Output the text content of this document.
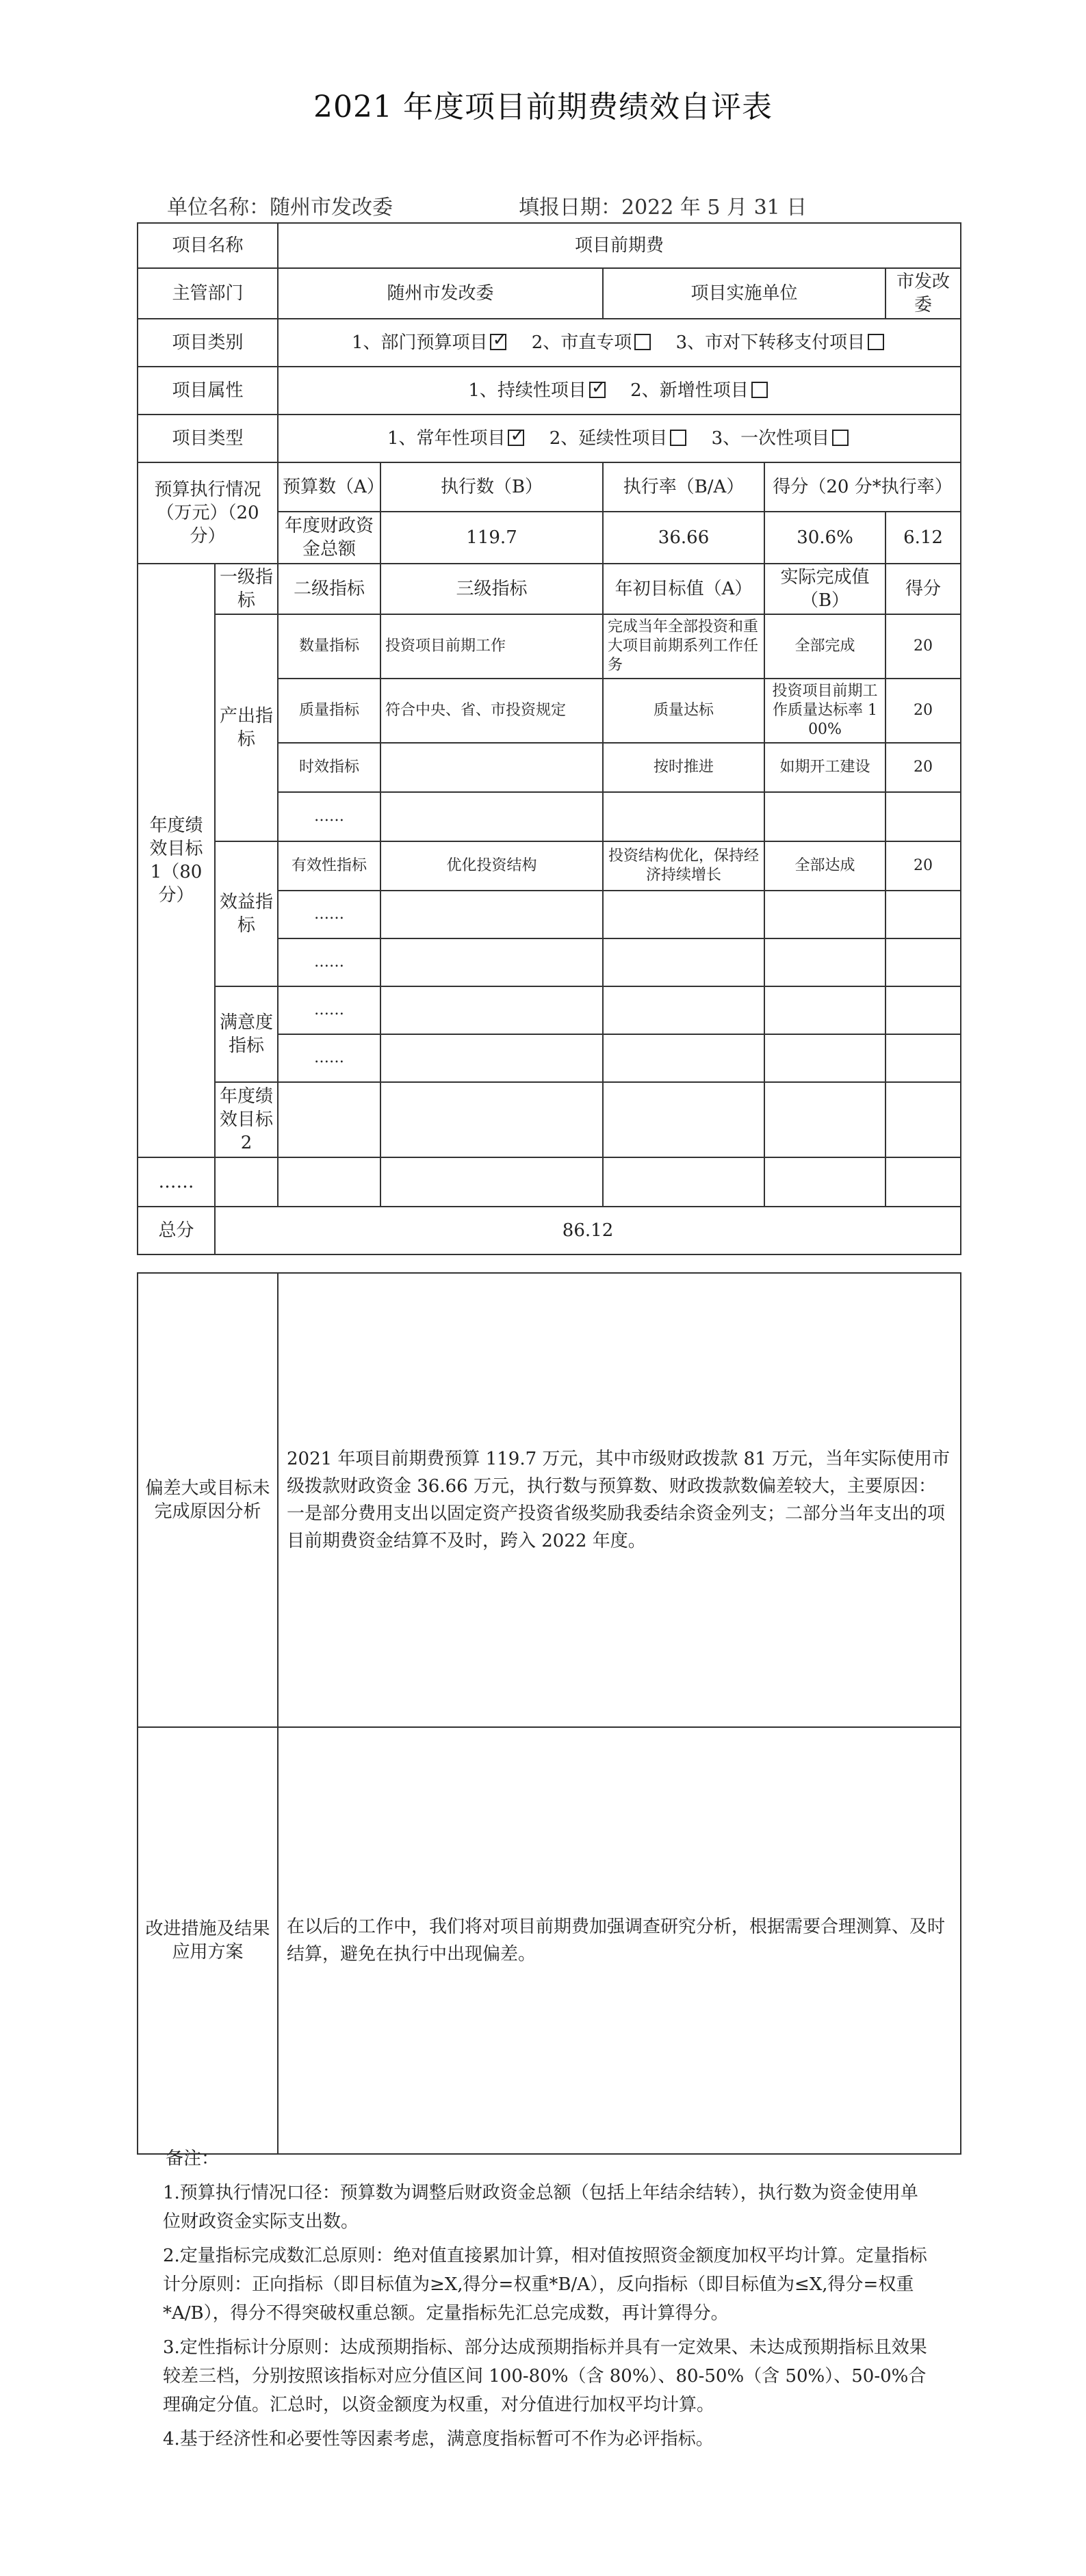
2021 年度项目前期费绩效自评表
单位名称：随州市发改委	填报日期：2022 年 5 月 31 日
项目名称		项目前期费					
主管部门		随州市发改委		项目实施单位		市发改委	
项目类别		1、部门预算项目 ✓ 2、市直专项 3、市对下转移支付项目
项目属性		1、持续性项目 ✓ 2、新增性项目
项目类型		1、常年性项目 ✓ 2、延续性项目 3、一次性项目
预算执行情况（万元）（20 分）		预算数（A）	执行数（B）	执行率（B/A）	得分（20 分*执行率）		
		年度财政资金总额	119.7	36.66	30.6%	6.12	
年度绩效目标 1（80 分）	一级指标	二级指标	三级指标	年初目标值（A）	实际完成值（B）	得分	
	产出指标	数量指标	投资项目前期工作	完成当年全部投资和重大项目前期系列工作任务	全部完成	20	
		质量指标	符合中央、省、市投资规定	质量达标	投资项目前期工作质量达标率 100%	20	
		时效指标		按时推进	如期开工建设	20	
		……					
	效益指标	有效性指标	优化投资结构	投资结构优化，保持经济持续增长	全部达成	20	
		……					
		……					
	满意度指标	……					
		……					
	年度绩效目标 2						
……							
总分	86.12						
偏差大或目标未完成原因分析	2021 年项目前期费预算 119.7 万元，其中市级财政拨款 81 万元，当年实际使用市级拨款财政资金 36.66 万元，执行数与预算数、财政拨款数偏差较大，主要原因：一是部分费用支出以固定资产投资省级奖励我委结余资金列支；二部分当年支出的项目前期费资金结算不及时，跨入 2022 年度。
改进措施及结果应用方案	在以后的工作中，我们将对项目前期费加强调查研究分析，根据需要合理测算、及时结算，避免在执行中出现偏差。

备注：

1.预算执行情况口径：预算数为调整后财政资金总额（包括上年结余结转），执行数为资金使用单位财政资金实际支出数。

2.定量指标完成数汇总原则：绝对值直接累加计算，相对值按照资金额度加权平均计算。定量指标计分原则：正向指标（即目标值为≥X,得分=权重*B/A），反向指标（即目标值为≤X,得分=权重*A/B），得分不得突破权重总额。定量指标先汇总完成数，再计算得分。

3.定性指标计分原则：达成预期指标、部分达成预期指标并具有一定效果、未达成预期指标且效果较差三档，分别按照该指标对应分值区间 100-80%（含 80%）、80-50%（含 50%）、50-0%合理确定分值。汇总时，以资金额度为权重，对分值进行加权平均计算。

4.基于经济性和必要性等因素考虑，满意度指标暂可不作为必评指标。
